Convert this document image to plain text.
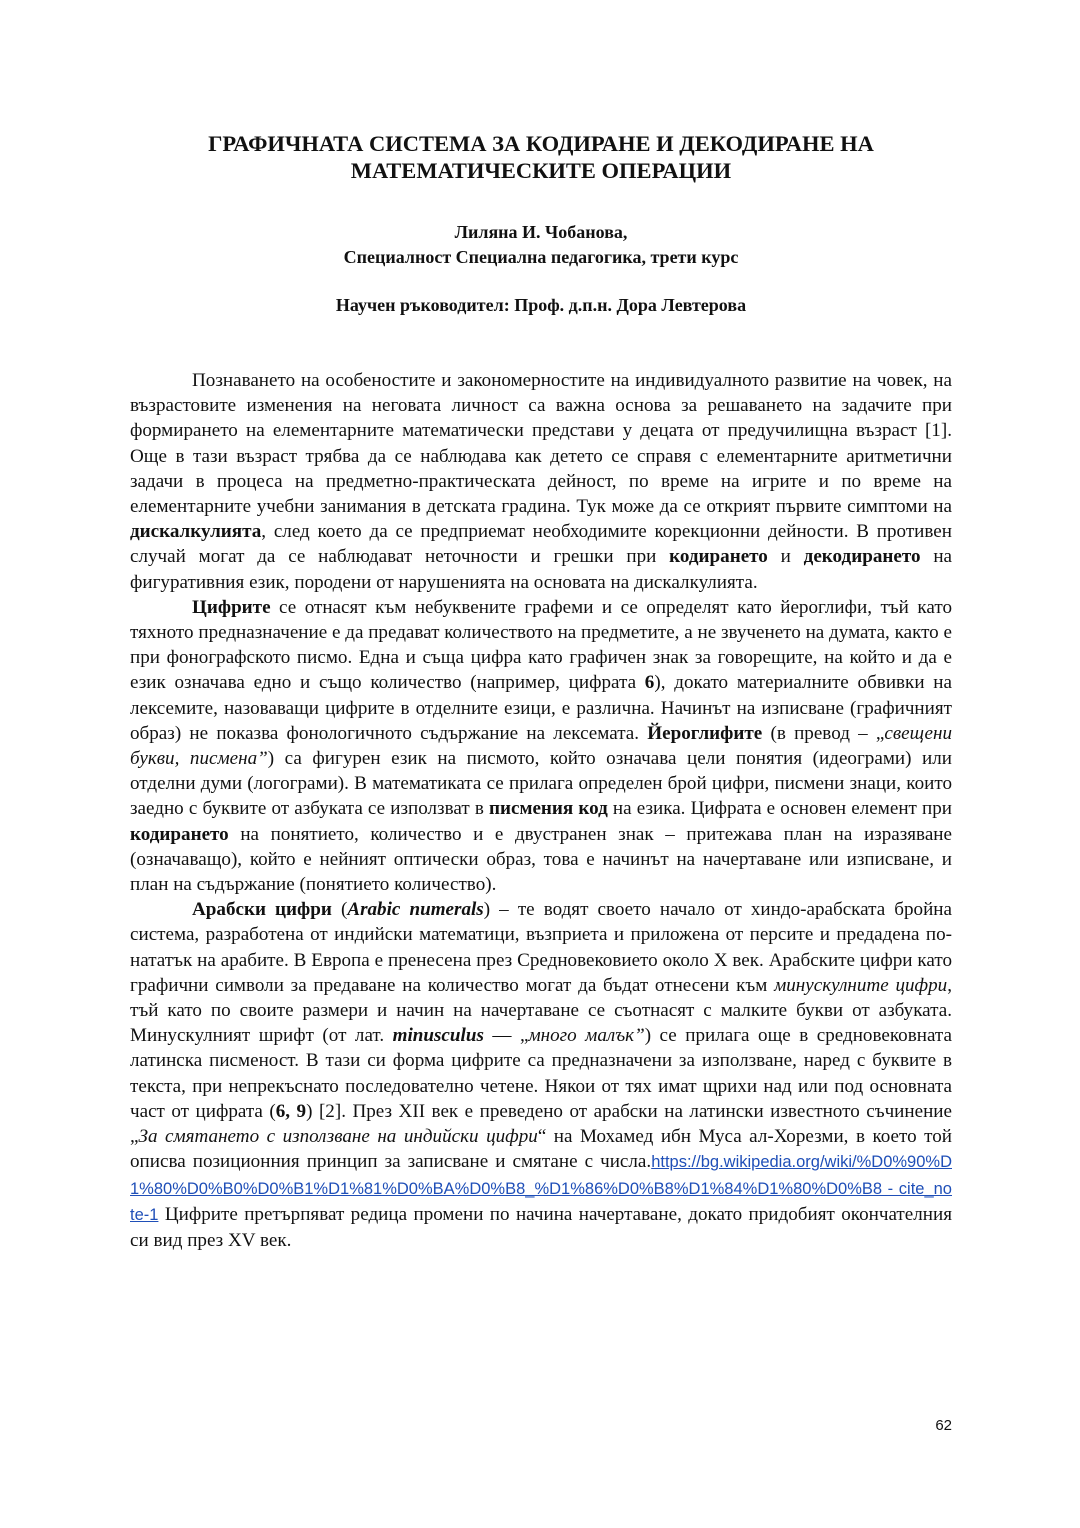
ГРАФИЧНАТА СИСТЕМА ЗА КОДИРАНЕ И ДЕКОДИРАНЕ НА
МАТЕМАТИЧЕСКИТЕ ОПЕРАЦИИ
Лиляна И. Чобанова,
Специалност Специална педагогика, трети курс
Научен ръководител: Проф. д.п.н. Дора Левтерова

Познаването на особеностите и закономерностите на индивидуалното развитие на човек, на възрастовите изменения на неговата личност са важна основа за решаването на задачите при формирането на елементарните математически представи у децата от предучилищна възраст [1]. Още в тази възраст трябва да се наблюдава как детето се справя с елементарните аритметични задачи в процеса на предметно-практическата дейност, по време на игрите и по време на елементарните учебни занимания в детската градина. Тук може да се открият първите симптоми на дискалкулията, след което да се предприемат необходимите корекционни дейности. В противен случай могат да се наблюдават неточности и грешки при кодирането и декодирането на фигуративния език, породени от нарушенията на основата на дискалкулията.

Цифрите се отнасят към небуквените графеми и се определят като йероглифи, тъй като тяхното предназначение е да предават количеството на предметите, а не звученето на думата, както е при фонографското писмо. Една и съща цифра като графичен знак за говорещите, на който и да е език означава едно и също количество (например, цифрата 6), докато материалните обвивки на лексемите, назоваващи цифрите в отделните езици, е различна. Начинът на изписване (графичният образ) не показва фонологичното съдържание на лексемата. Йероглифите (в превод – „свещени букви, писмена”) са фигурен език на писмото, който означава цели понятия (идеограми) или отделни думи (логограми). В математиката се прилага определен брой цифри, писмени знаци, които заедно с буквите от азбуката се използват в писмения код на езика. Цифрата е основен елемент при кодирането на понятието, количество и е двустранен знак – притежава план на изразяване (означаващо), който е нейният оптически образ, това е начинът на начертаване или изписване, и план на съдържание (понятието количество).

Арабски цифри (Arabic numerals) – те водят своето начало от хиндо-арабската бройна система, разработена от индийски математици, възприета и приложена от персите и предадена по-нататък на арабите. В Европа е пренесена през Средновековието около X век. Арабските цифри като графични символи за предаване на количество могат да бъдат отнесени към минускулните цифри, тъй като по своите размери и начин на начертаване се съотнасят с малките букви от азбуката. Минускулният шрифт (от лат. minusculus — „много малък”) се прилага още в средновековната латинска писменост. В тази си форма цифрите са предназначени за използване, наред с буквите в текста, при непрекъснато последователно четене. Някои от тях имат щрихи над или под основната част от цифрата (6, 9) [2]. През XII век е преведено от арабски на латински известното съчинение „За смятането с използване на индийски цифри“ на Мохамед ибн Муса ал-Хорезми, в което той описва позиционния принцип за записване и смятане с числа.https://bg.wikipedia.org/wiki/%D0%90%D1%80%D0%B0%D0%B1%D1%81%D0%BA%D0%B8_%D1%86%D0%B8%D1%84%D1%80%D0%B8 - cite_note-1 Цифрите претърпяват редица промени по начина начертаване, докато придобият окончателния си вид през XV век.

62
